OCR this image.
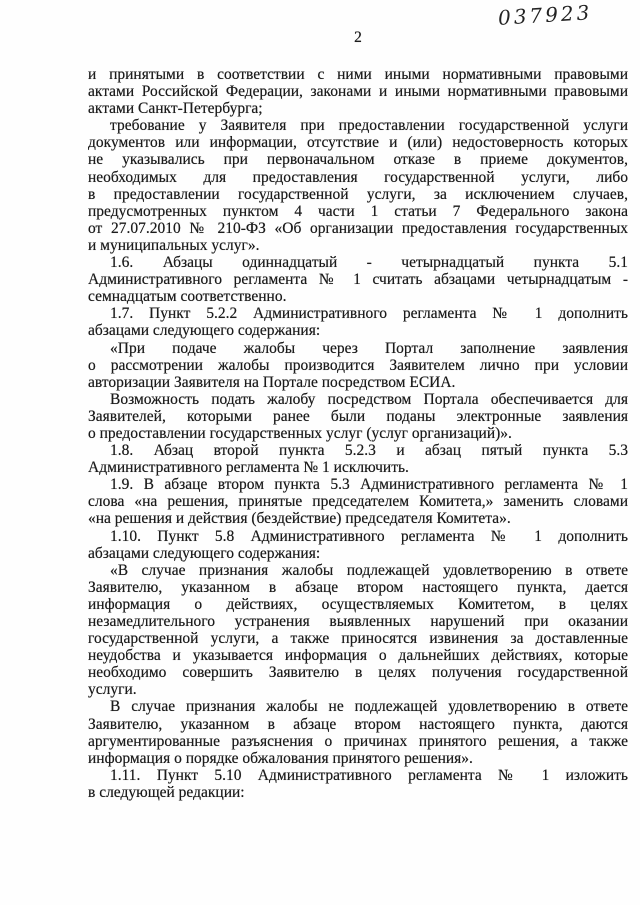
037923
2
и принятыми в соответствии с ними иными нормативными правовыми
актами Российской Федерации, законами и иными нормативными правовыми
актами Санкт-Петербурга;
требование у Заявителя при предоставлении государственной услуги
документов или информации, отсутствие и (или) недостоверность которых
не указывались при первоначальном отказе в приеме документов,
необходимых для предоставления государственной услуги, либо
в предоставлении государственной услуги, за исключением случаев,
предусмотренных пунктом 4 части 1 статьи 7 Федерального закона
от 27.07.2010 № 210-ФЗ «Об организации предоставления государственных
и муниципальных услуг».
1.6. Абзацы одиннадцатый - четырнадцатый пункта 5.1
Административного регламента № 1 считать абзацами четырнадцатым -
семнадцатым соответственно.
1.7. Пункт 5.2.2 Административного регламента № 1 дополнить
абзацами следующего содержания:
«При подаче жалобы через Портал заполнение заявления
о рассмотрении жалобы производится Заявителем лично при условии
авторизации Заявителя на Портале посредством ЕСИА.
Возможность подать жалобу посредством Портала обеспечивается для
Заявителей, которыми ранее были поданы электронные заявления
о предоставлении государственных услуг (услуг организаций)».
1.8. Абзац второй пункта 5.2.3 и абзац пятый пункта 5.3
Административного регламента № 1 исключить.
1.9. В абзаце втором пункта 5.3 Административного регламента № 1
слова «на решения, принятые председателем Комитета,» заменить словами
«на решения и действия (бездействие) председателя Комитета».
1.10. Пункт 5.8 Административного регламента № 1 дополнить
абзацами следующего содержания:
«В случае признания жалобы подлежащей удовлетворению в ответе
Заявителю, указанном в абзаце втором настоящего пункта, дается
информация о действиях, осуществляемых Комитетом, в целях
незамедлительного устранения выявленных нарушений при оказании
государственной услуги, а также приносятся извинения за доставленные
неудобства и указывается информация о дальнейших действиях, которые
необходимо совершить Заявителю в целях получения государственной
услуги.
В случае признания жалобы не подлежащей удовлетворению в ответе
Заявителю, указанном в абзаце втором настоящего пункта, даются
аргументированные разъяснения о причинах принятого решения, а также
информация о порядке обжалования принятого решения».
1.11. Пункт 5.10 Административного регламента № 1 изложить
в следующей редакции:
